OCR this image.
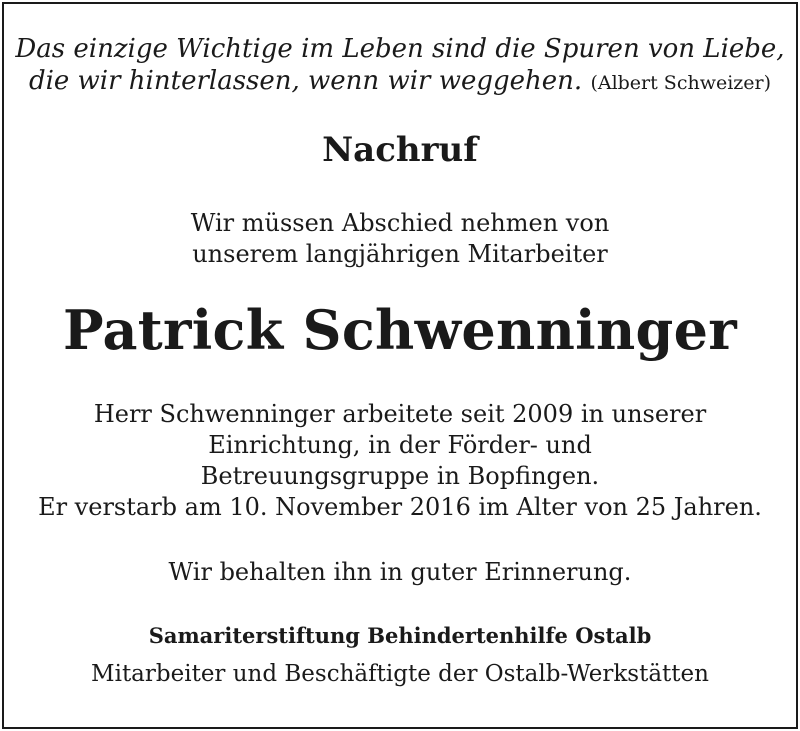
Das einzige Wichtige im Leben sind die Spuren von Liebe,
die wir hinterlassen, wenn wir weggehen. (Albert Schweizer)
Nachruf
Wir müssen Abschied nehmen von
unserem langjährigen Mitarbeiter
Patrick Schwenninger
Herr Schwenninger arbeitete seit 2009 in unserer
Einrichtung, in der Förder- und
Betreuungsgruppe in Bopfingen.
Er verstarb am 10. November 2016 im Alter von 25 Jahren.
Wir behalten ihn in guter Erinnerung.
Samariterstiftung Behindertenhilfe Ostalb
Mitarbeiter und Beschäftigte der Ostalb-Werkstätten
